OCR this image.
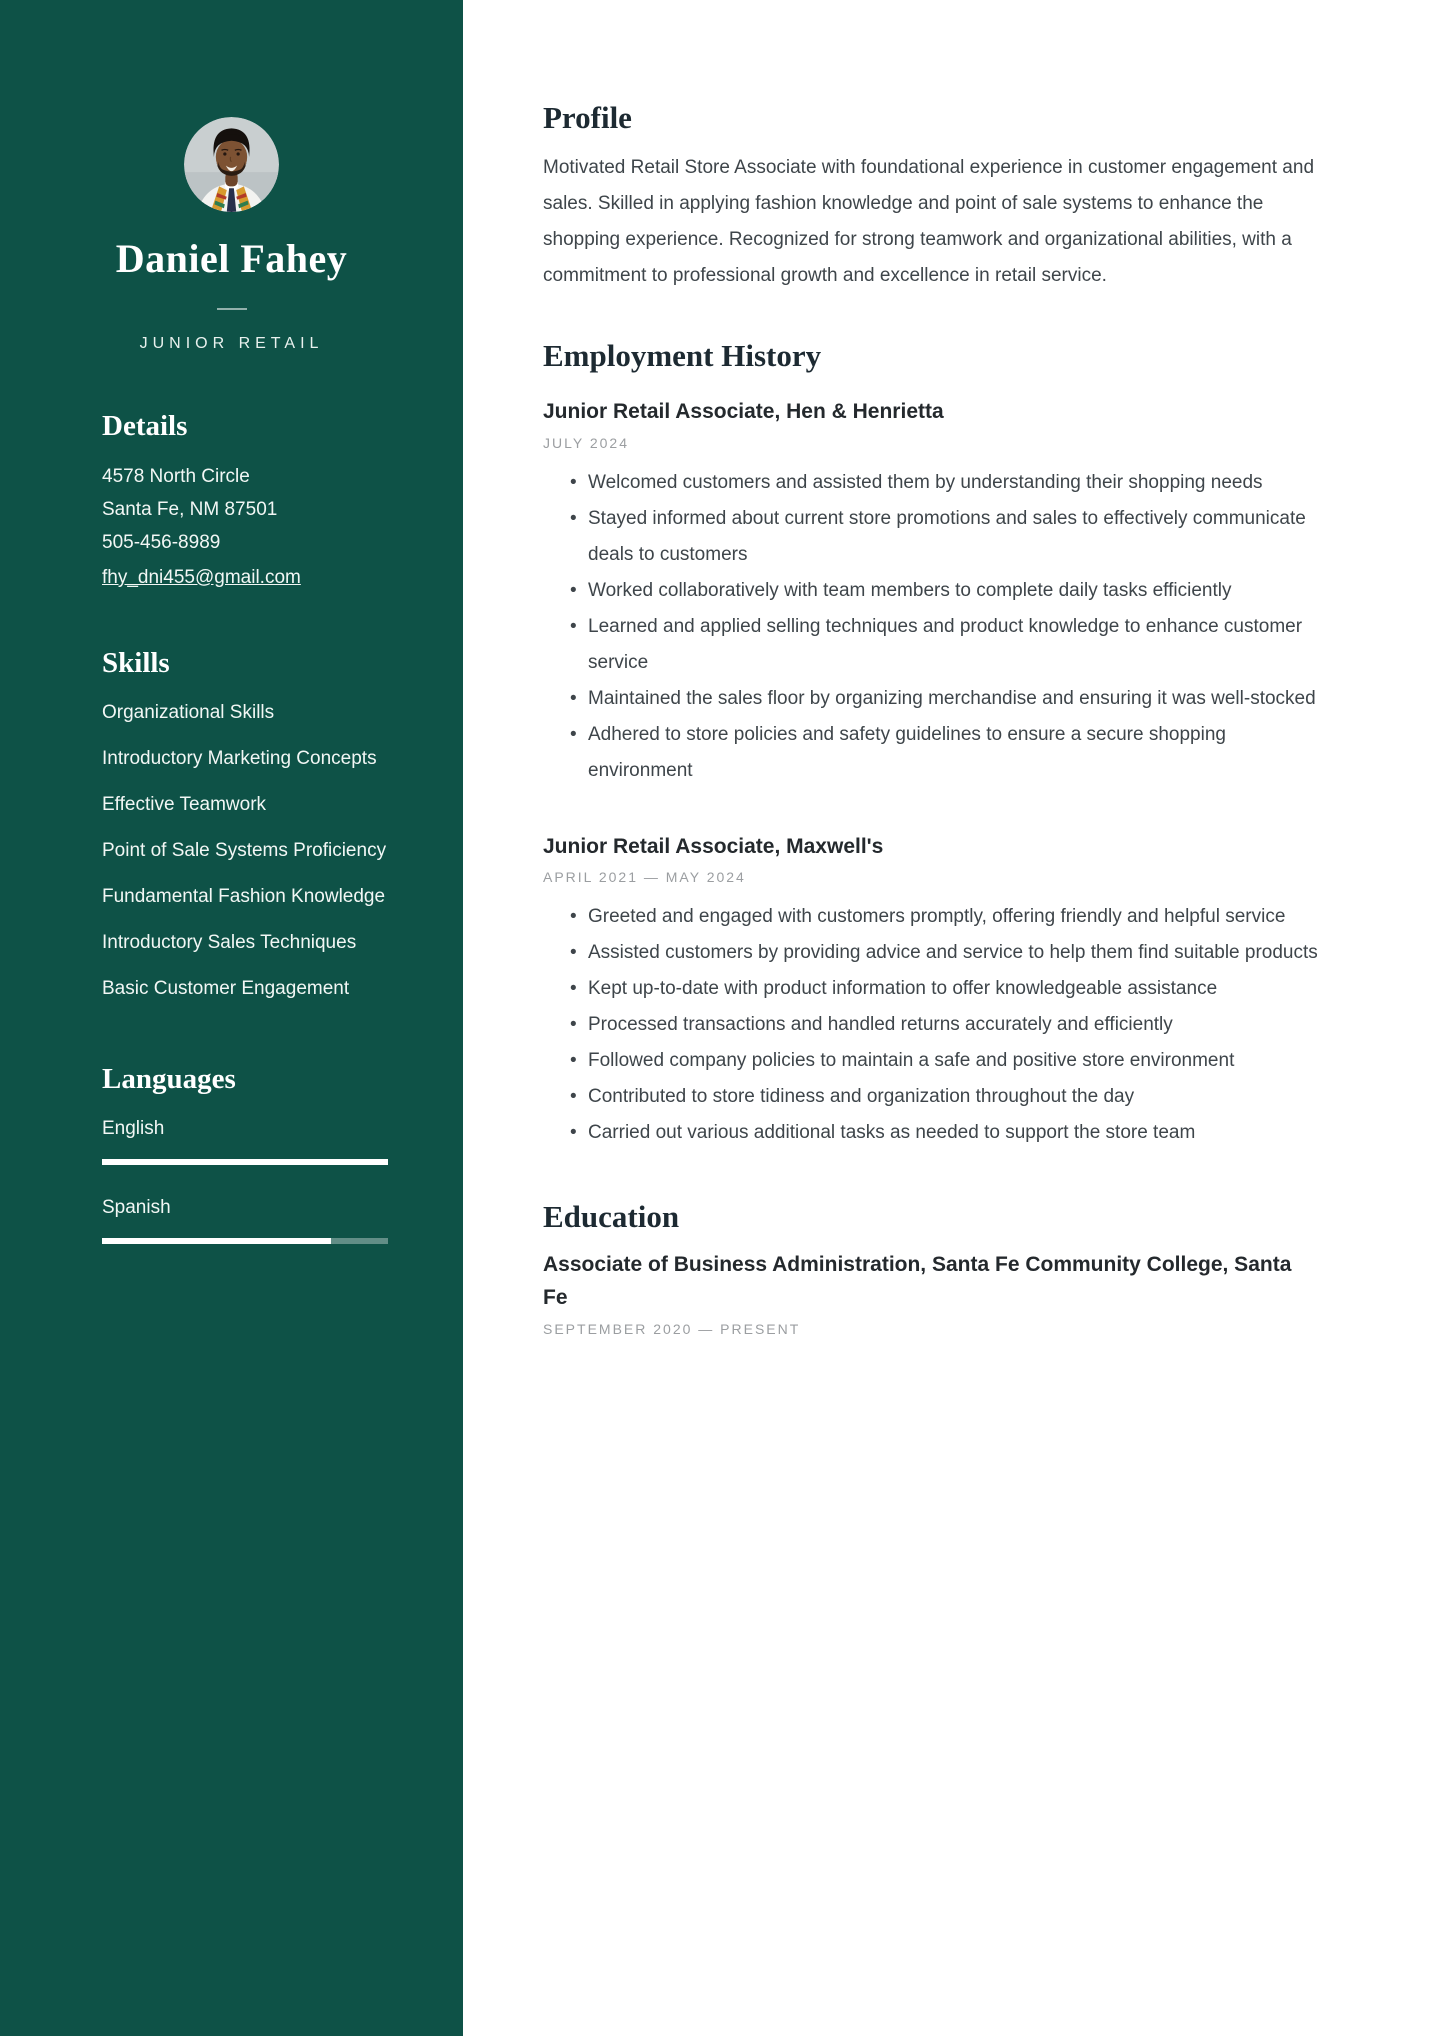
Daniel Fahey
JUNIOR RETAIL
Details
4578 North Circle
Santa Fe, NM 87501
505-456-8989
fhy_dni455@gmail.com
Skills
Organizational Skills
Introductory Marketing Concepts
Effective Teamwork
Point of Sale Systems Proficiency
Fundamental Fashion Knowledge
Introductory Sales Techniques
Basic Customer Engagement
Languages
English
Spanish
Profile

Motivated Retail Store Associate with foundational experience in customer engagement and sales. Skilled in applying fashion knowledge and point of sale systems to enhance the shopping experience. Recognized for strong teamwork and organizational abilities, with a commitment to professional growth and excellence in retail service.

Employment History
Junior Retail Associate, Hen & Henrietta
JULY 2024
• Welcomed customers and assisted them by understanding their shopping needs
• Stayed informed about current store promotions and sales to effectively communicate deals to customers
• Worked collaboratively with team members to complete daily tasks efficiently
• Learned and applied selling techniques and product knowledge to enhance customer service
• Maintained the sales floor by organizing merchandise and ensuring it was well-stocked
• Adhered to store policies and safety guidelines to ensure a secure shopping environment
Junior Retail Associate, Maxwell's
APRIL 2021 — MAY 2024
• Greeted and engaged with customers promptly, offering friendly and helpful service
• Assisted customers by providing advice and service to help them find suitable products
• Kept up-to-date with product information to offer knowledgeable assistance
• Processed transactions and handled returns accurately and efficiently
• Followed company policies to maintain a safe and positive store environment
• Contributed to store tidiness and organization throughout the day
• Carried out various additional tasks as needed to support the store team
Education
Associate of Business Administration, Santa Fe Community College, Santa Fe
SEPTEMBER 2020 — PRESENT
